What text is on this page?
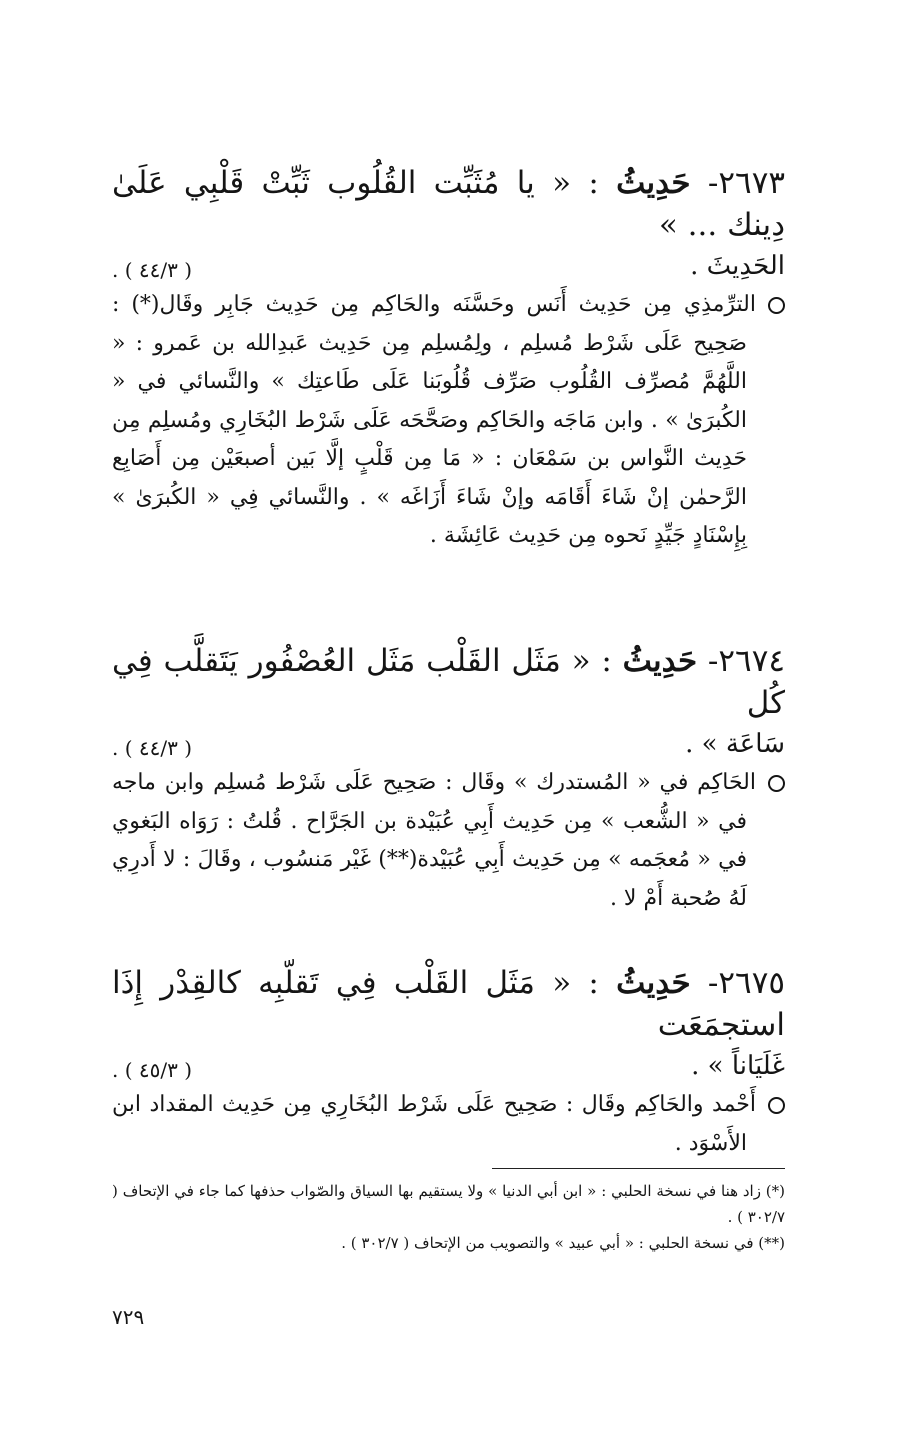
٢٦٧٣- حَدِيثُ : « يا مُثَبِّت القُلُوب ثَبِّتْ قَلْبِي عَلَىٰ دِينك ... »
الحَدِيثَ .
( ٤٤/٣ ) .
الترِّمذِي مِن حَدِيث أَنَس وحَسَّنَه والحَاكِم مِن حَدِيث جَابِر وقَال(*) : صَحِيح عَلَى شَرْط مُسلِم ، ولِمُسلِم مِن حَدِيث عَبدِالله بن عَمرو : « اللَّهُمَّ مُصرِّف القُلُوب صَرِّف قُلُوبَنا عَلَى طَاعتِك » والنَّسائي في « الكُبرَىٰ » . وابن مَاجَه والحَاكِم وصَحَّحَه عَلَى شَرْط البُخَارِي ومُسلِم مِن حَدِيث النَّواس بن سَمْعَان : « مَا مِن قَلْبٍ إلَّا بَين أصبعَيْن مِن أَصَابِع الرَّحمٰن إنْ شَاءَ أَقَامَه وإنْ شَاءَ أَزَاغَه » . والنَّسائي فِي « الكُبرَىٰ » بِإِسْنَادٍ جَيِّدٍ نَحوه مِن حَدِيث عَائِشَة .
٢٦٧٤- حَدِيثُ : « مَثَل القَلْب مَثَل العُصْفُور يَتَقلَّب فِي كُل
سَاعَة » .
( ٤٤/٣ ) .
الحَاكِم في « المُستدرك » وقَال : صَحِيح عَلَى شَرْط مُسلِم وابن ماجه في « الشُّعب » مِن حَدِيث أَبِي عُبَيْدة بن الجَرَّاح . قُلتُ : رَوَاه البَغوي في « مُعجَمه » مِن حَدِيث أَبِي عُبَيْدة(**) غَيْر مَنسُوب ، وقَالَ : لا أَدرِي لَهُ صُحبة أَمْ لا .
٢٦٧٥- حَدِيثُ : « مَثَل القَلْب فِي تَقلّبِه كالقِدْر إِذَا استجمَعَت
غَلَيَاناً » .
( ٤٥/٣ ) .
أَحْمد والحَاكِم وقَال : صَحِيح عَلَى شَرْط البُخَارِي مِن حَدِيث المقداد ابن الأَسْوَد .
(*) زاد هنا في نسخة الحلبي : « ابن أبي الدنيا » ولا يستقيم بها السياق والصّواب حذفها كما جاء في الإتحاف ( ٣٠٢/٧ ) .
(**) في نسخة الحلبي : « أبي عبيد » والتصويب من الإتحاف ( ٣٠٢/٧ ) .
٧٢٩
